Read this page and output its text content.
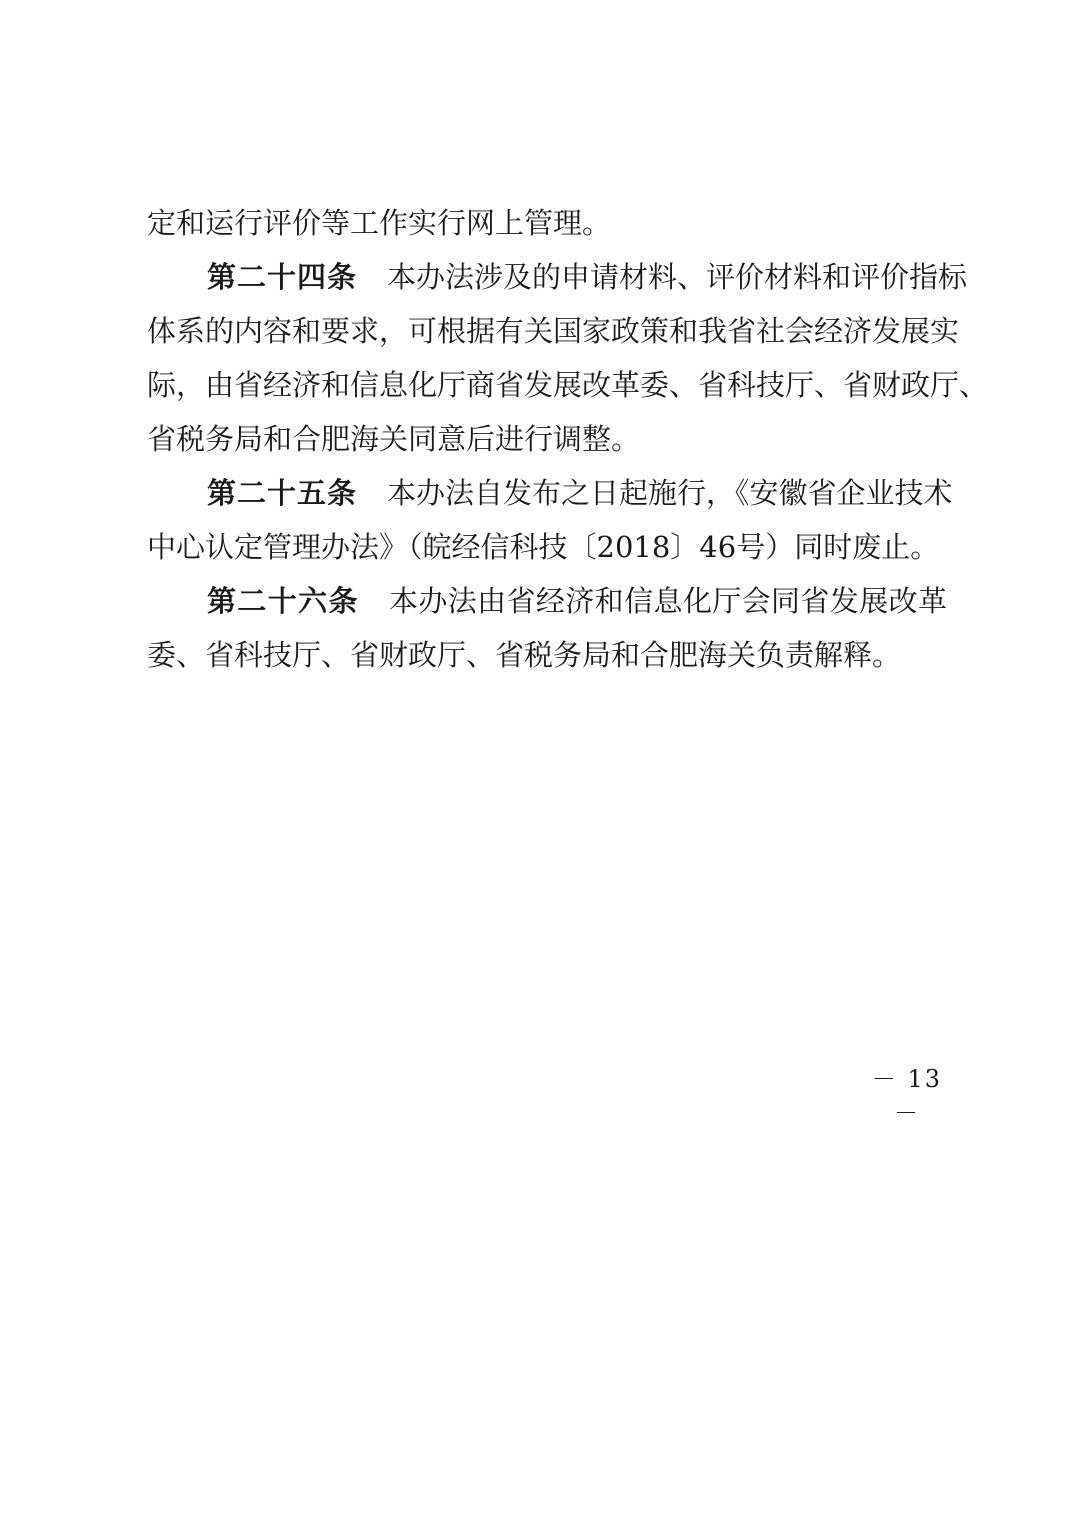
定和运行评价等工作实行网上管理。
第二十四条 本办法涉及的申请材料、评价材料和评价指标
体系的内容和要求，可根据有关国家政策和我省社会经济发展实
际，由省经济和信息化厅商省发展改革委、省科技厅、省财政厅、
省税务局和合肥海关同意后进行调整。
第二十五条 本办法自发布之日起施行，《安徽省企业技术
中心认定管理办法》（皖经信科技〔2018〕46号）同时废止。
第二十六条 本办法由省经济和信息化厅会同省发展改革
委、省科技厅、省财政厅、省税务局和合肥海关负责解释。
－ 13 －
